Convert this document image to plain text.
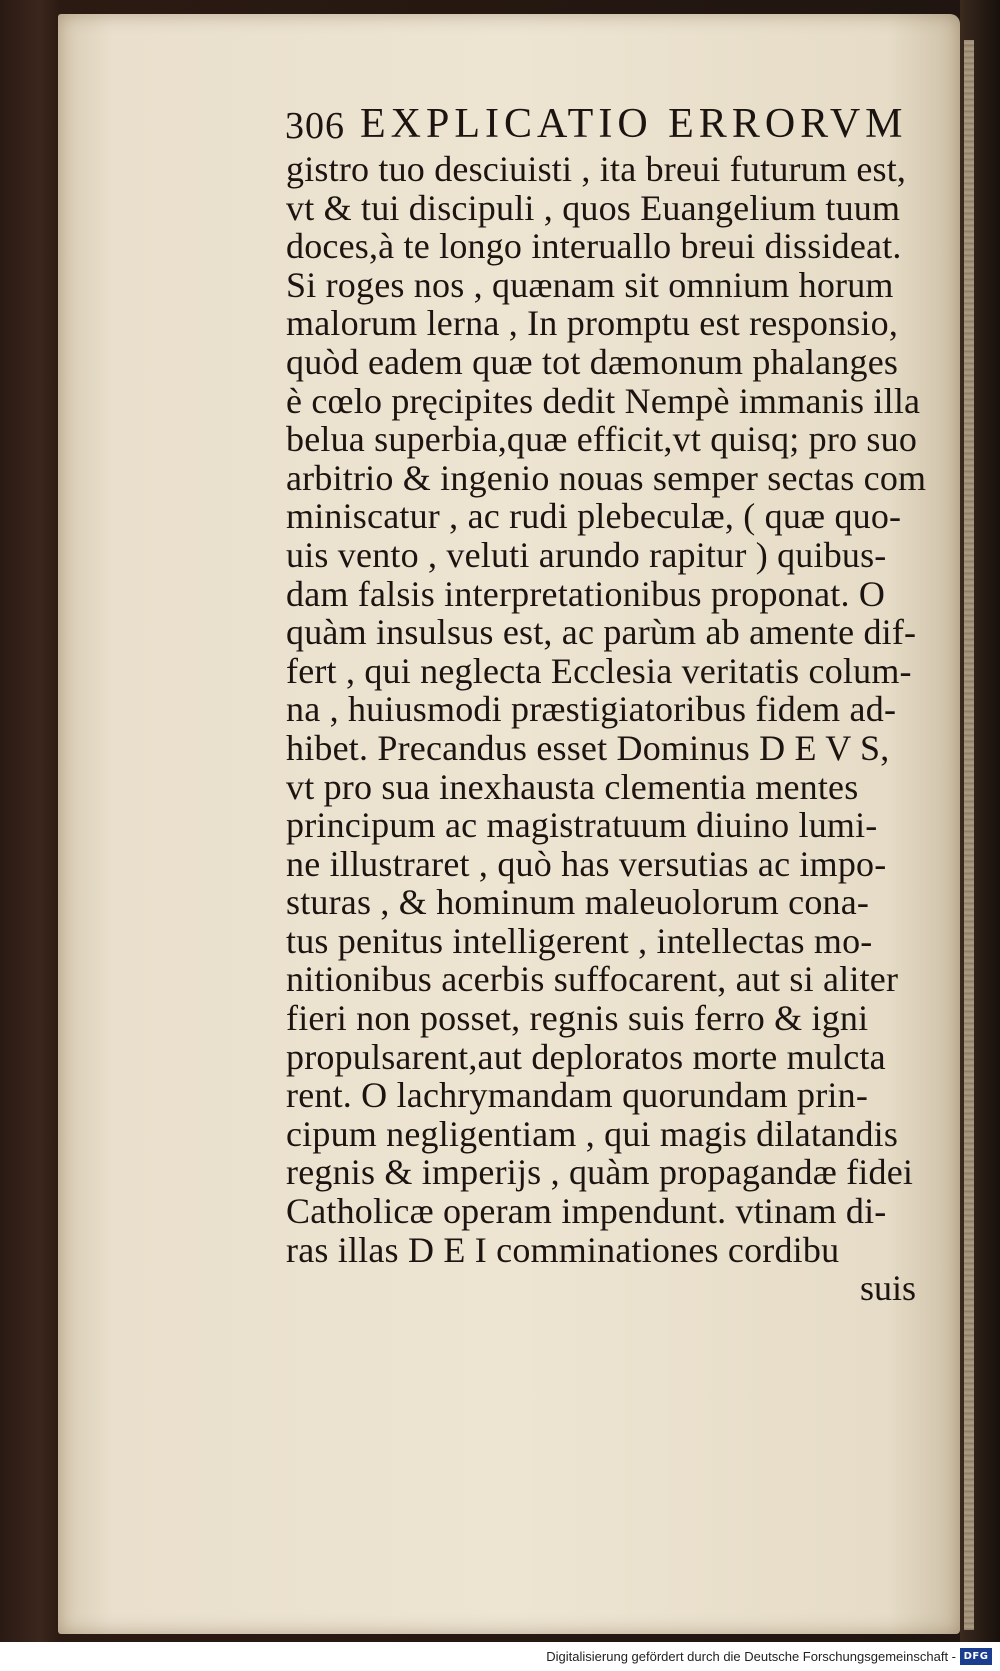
306 EXPLICATIO ERRORVM
gistro tuo desciuisti , ita breui futurum est,
vt & tui discipuli , quos Euangelium tuum
doces,à te longo interuallo breui dissideat.
Si roges nos , quænam sit omnium horum
malorum lerna , In promptu est responsio,
quòd eadem quæ tot dæmonum phalanges
è cœlo pręcipites dedit Nempè immanis illa
belua superbia,quæ efficit,vt quisq; pro suo
arbitrio & ingenio nouas semper sectas com
miniscatur , ac rudi plebeculæ, ( quæ quo-
uis vento , veluti arundo rapitur ) quibus-
dam falsis interpretationibus proponat. O
quàm insulsus est, ac parùm ab amente dif-
fert , qui neglecta Ecclesia veritatis colum-
na , huiusmodi præstigiatoribus fidem ad-
hibet. Precandus esset Dominus D E V S,
vt pro sua inexhausta clementia mentes
principum ac magistratuum diuino lumi-
ne illustraret , quò has versutias ac impo-
sturas , & hominum maleuolorum cona-
tus penitus intelligerent , intellectas mo-
nitionibus acerbis suffocarent, aut si aliter
fieri non posset, regnis suis ferro & igni
propulsarent,aut deploratos morte mulcta
rent. O lachrymandam quorundam prin-
cipum negligentiam , qui magis dilatandis
regnis & imperijs , quàm propagandæ fidei
Catholicæ operam impendunt. vtinam di-
ras illas D E I comminationes cordibu
suis
Digitalisierung gefördert durch die Deutsche Forschungsgemeinschaft - DFG
